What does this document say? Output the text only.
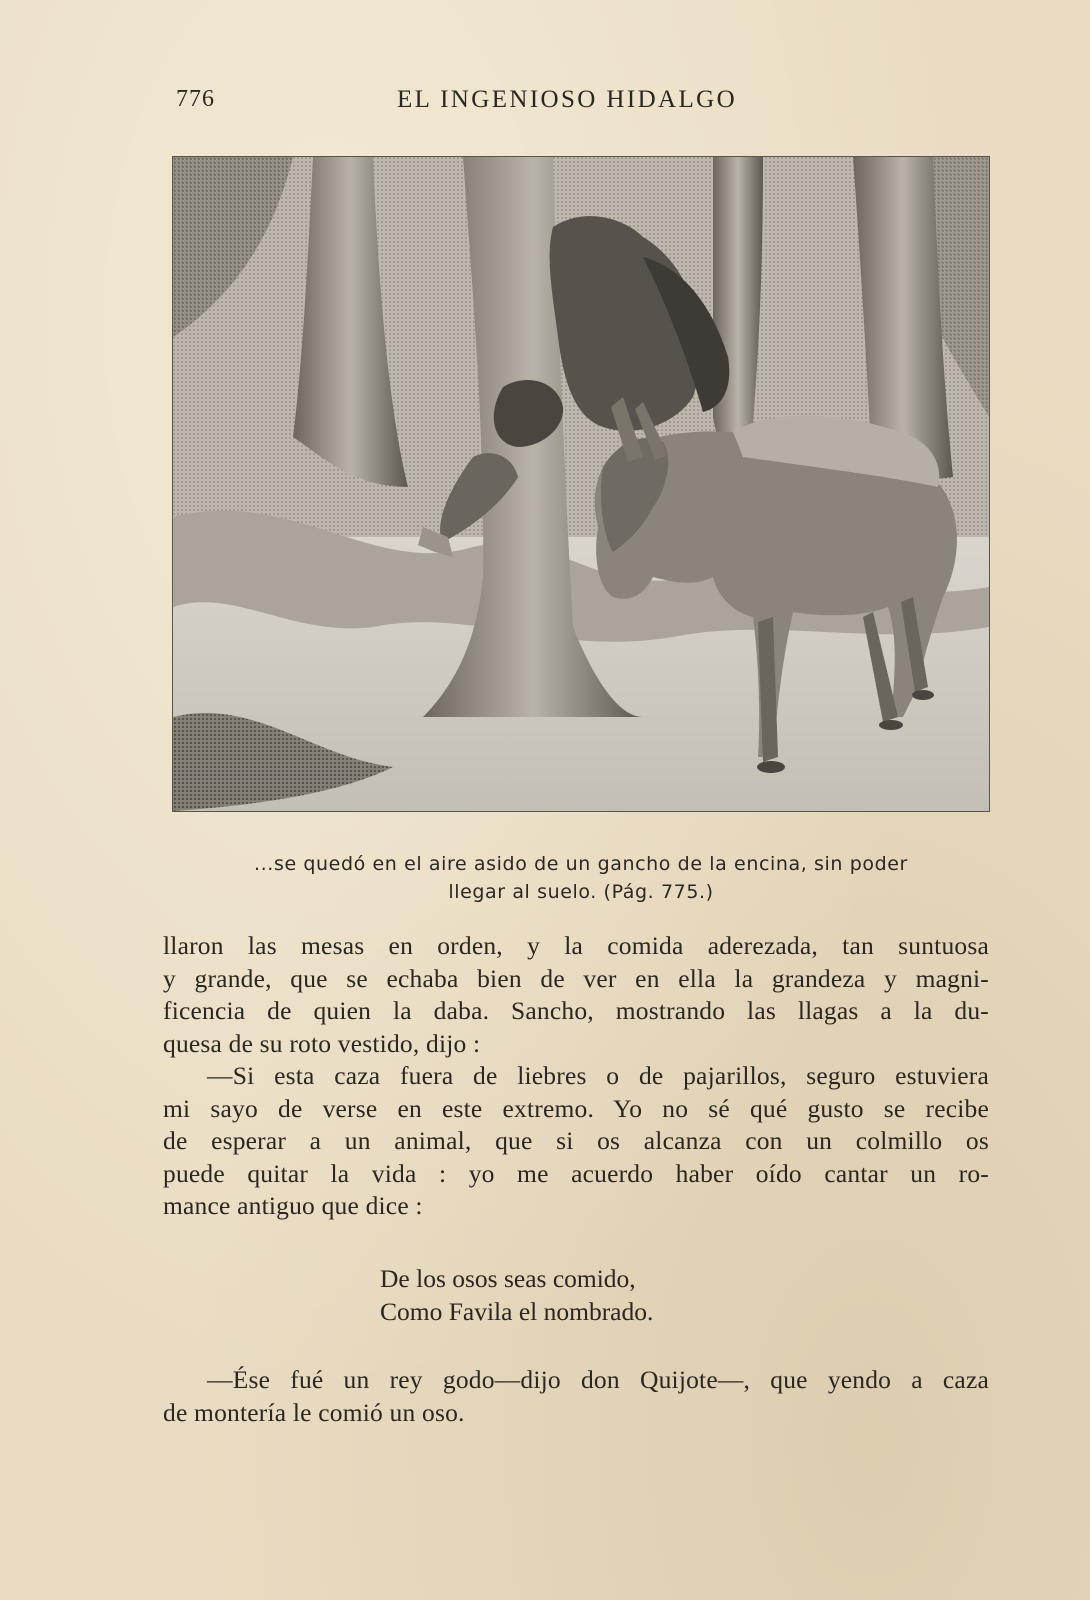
776	EL INGENIOSO HIDALGO
...se quedó en el aire asido de un gancho de la encina, sin poder
llegar al suelo. (Pág. 775.)
llaron las mesas en orden, y la comida aderezada, tan suntuosa
y grande, que se echaba bien de ver en ella la grandeza y magni-
ficencia de quien la daba. Sancho, mostrando las llagas a la du-
quesa de su roto vestido, dijo :
—Si esta caza fuera de liebres o de pajarillos, seguro estuviera
mi sayo de verse en este extremo. Yo no sé qué gusto se recibe
de esperar a un animal, que si os alcanza con un colmillo os
puede quitar la vida : yo me acuerdo haber oído cantar un ro-
mance antiguo que dice :
De los osos seas comido,
Como Favila el nombrado.
—Ése fué un rey godo—dijo don Quijote—, que yendo a caza
de montería le comió un oso.
